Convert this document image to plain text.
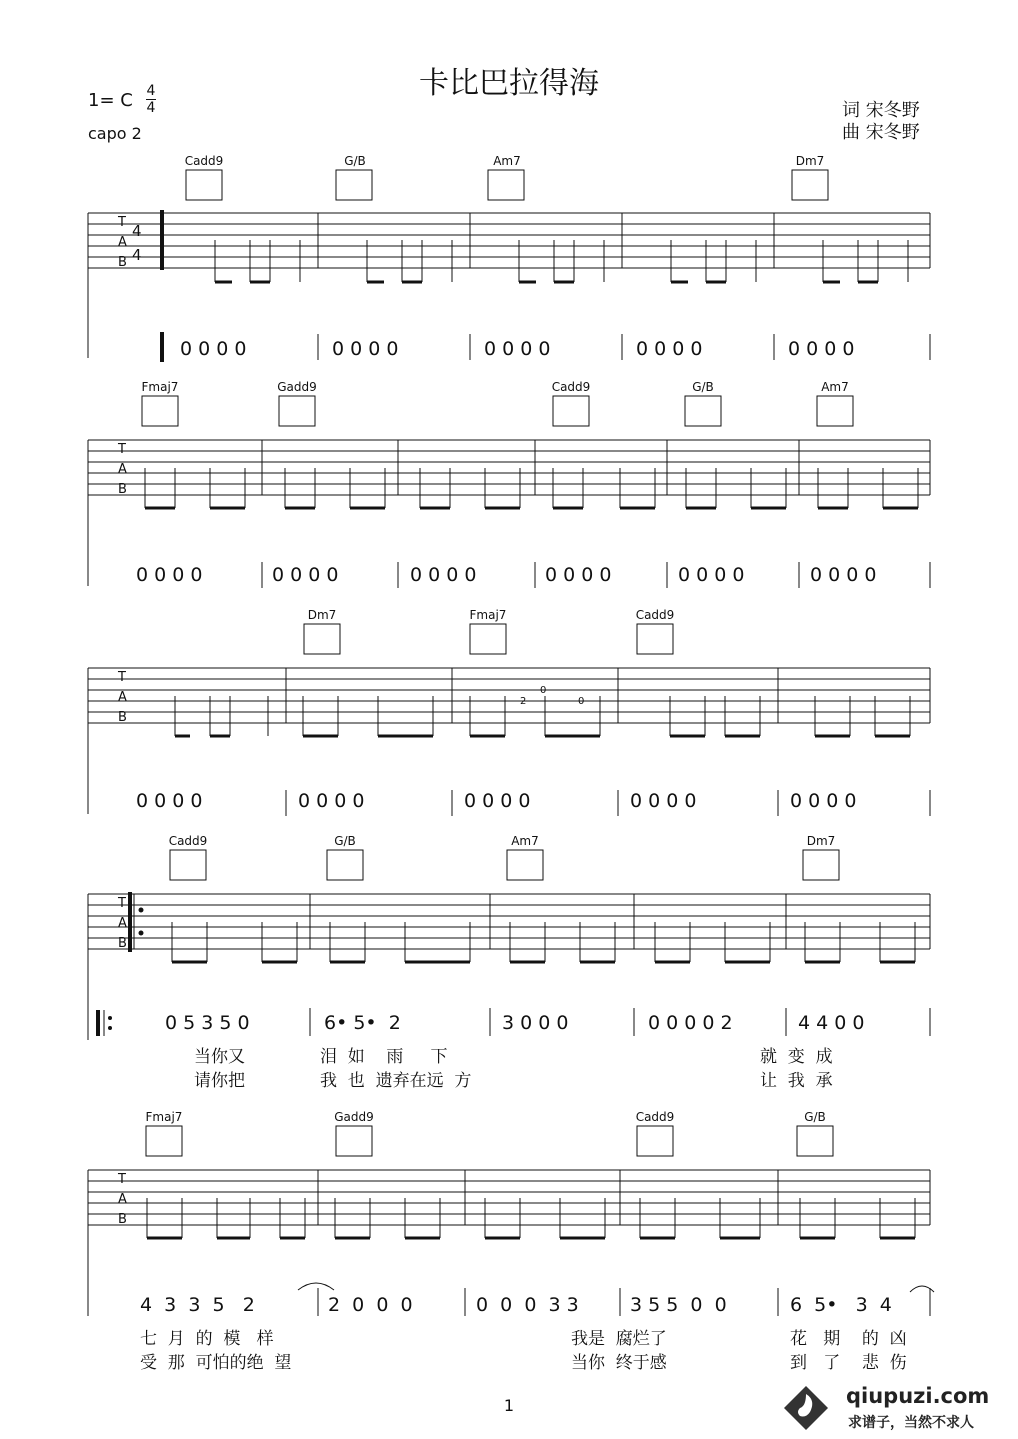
卡比巴拉得海
1= C 4
4
capo 2
词 宋冬野
曲 宋冬野
Cadd9	G/B	Am7	Dm7
T
A
B
4
4
0 0 0 0	0 0 0 0	0 0 0 0	0 0 0 0	0 0 0 0
Fmaj7	Gadd9	Cadd9	G/B	Am7
T
A
B
0 0 0 0	0 0 0 0	0 0 0 0	0 0 0 0	0 0 0 0	0 0 0 0
Dm7	Fmaj7	Cadd9
T
A
B
2
0
0
0 0 0 0	0 0 0 0	0 0 0 0	0 0 0 0	0 0 0 0
Cadd9	G/B	Am7	Dm7
T
A
B
0 5 3 5 0	6• 5•  2	3 0 0 0	0 0 0 0 2	4 4 0 0
当你又	泪  如    雨     下	就  变  成
请你把	我  也  遗弃在远  方	让  我  承
Fmaj7	Gadd9	Cadd9	G/B
T
A
B
4  3  3  5   2	2  0  0  0	0  0  0  3 3	3 5 5  0  0	6  5•   3  4
七  月  的  模   样	我是  腐烂了	花   期    的  凶
受  那  可怕的绝  望	当你  终于感	到   了    悲  伤
1	qiupuzi.com
求谱子，当然不求人
